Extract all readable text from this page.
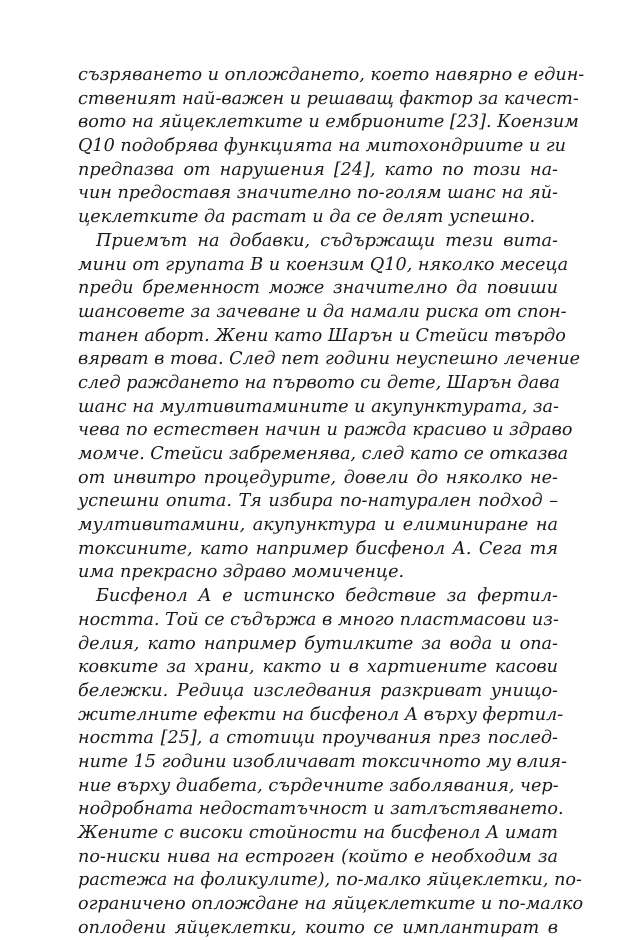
съзряването и оплождането, което навярно е един-
ственият най-важен и решаващ фактор за качест-
вото на яйцеклетките и ембрионите [23]. Коензим
Q10 подобрява функцията на митохондриите и ги
предпазва от нарушения [24], като по този на-
чин предоставя значително по-голям шанс на яй-
цеклетките да растат и да се делят успешно.
Приемът на добавки, съдържащи тези вита-
мини от групата B и коензим Q10, няколко месеца
преди бременност може значително да повиши
шансовете за зачеване и да намали риска от спон-
танен аборт. Жени като Шарън и Стейси твърдо
вярват в това. След пет години неуспешно лечение
след раждането на първото си дете, Шарън дава
шанс на мултивитамините и акупунктурата, за-
чева по естествен начин и ражда красиво и здраво
момче. Стейси забременява, след като се отказва
от инвитро процедурите, довели до няколко не-
успешни опита. Тя избира по-натурален подход –
мултивитамини, акупунктура и елиминиране на
токсините, като например бисфенол А. Сега тя
има прекрасно здраво момиченце.
Бисфенол А е истинско бедствие за фертил-
ността. Той се съдържа в много пластмасови из-
делия, като например бутилките за вода и опа-
ковките за храни, както и в хартиените касови
бележки. Редица изследвания разкриват унищо-
жителните ефекти на бисфенол А върху фертил-
ността [25], а стотици проучвания през послед-
ните 15 години изобличават токсичното му влия-
ние върху диабета, сърдечните заболявания, чер-
нодробната недостатъчност и затлъстяването.
Жените с високи стойности на бисфенол А имат
по-ниски нива на естроген (който е необходим за
растежа на фоликулите), по-малко яйцеклетки, по-
ограничено оплождане на яйцеклетките и по-малко
оплодени яйцеклетки, които се имплантират в
